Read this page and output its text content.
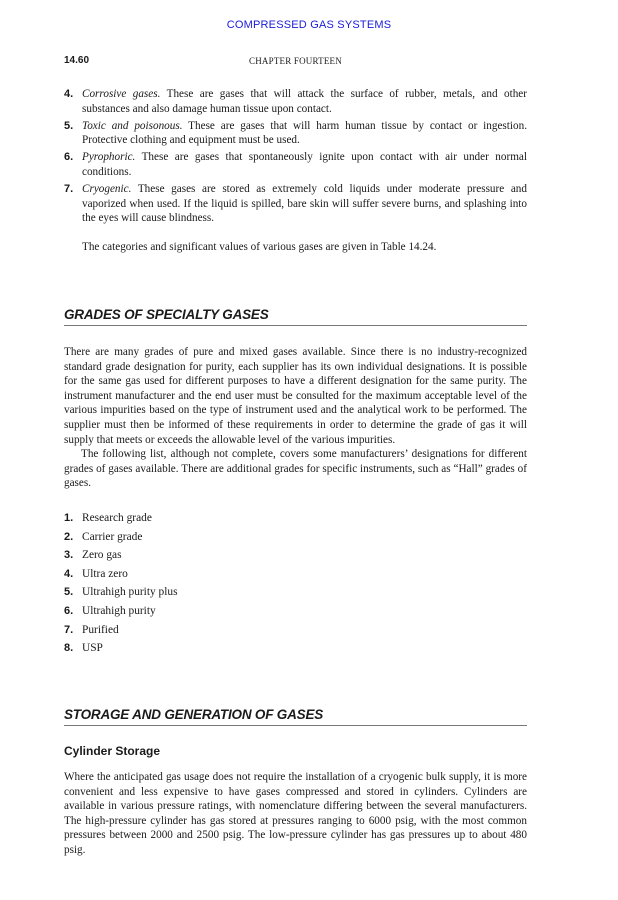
COMPRESSED GAS SYSTEMS
14.60	CHAPTER FOURTEEN
4. Corrosive gases. These are gases that will attack the surface of rubber, metals, and other substances and also damage human tissue upon contact.
5. Toxic and poisonous. These are gases that will harm human tissue by contact or ingestion. Protective clothing and equipment must be used.
6. Pyrophoric. These are gases that spontaneously ignite upon contact with air under normal conditions.
7. Cryogenic. These gases are stored as extremely cold liquids under moderate pressure and vaporized when used. If the liquid is spilled, bare skin will suffer severe burns, and splashing into the eyes will cause blindness.
The categories and significant values of various gases are given in Table 14.24.
GRADES OF SPECIALTY GASES

There are many grades of pure and mixed gases available. Since there is no industry-recognized standard grade designation for purity, each supplier has its own individual designations. It is possible for the same gas used for different purposes to have a different designation for the same purity. The instrument manufacturer and the end user must be consulted for the maximum acceptable level of the various impurities based on the type of instrument used and the analytical work to be performed. The supplier must then be informed of these requirements in order to determine the grade of gas it will supply that meets or exceeds the allowable level of the various impurities.

The following list, although not complete, covers some manufacturers’ designations for different grades of gases available. There are additional grades for specific instruments, such as “Hall” grades of gases.

1. Research grade
2. Carrier grade
3. Zero gas
4. Ultra zero
5. Ultrahigh purity plus
6. Ultrahigh purity
7. Purified
8. USP
STORAGE AND GENERATION OF GASES
Cylinder Storage
Where the anticipated gas usage does not require the installation of a cryogenic bulk supply, it is more convenient and less expensive to have gases compressed and stored in cylinders. Cylinders are available in various pressure ratings, with nomenclature differing between the several manufacturers. The high-pressure cylinder has gas stored at pressures ranging to 6000 psig, with the most common pressures between 2000 and 2500 psig. The low-pressure cylinder has gas pressures up to about 480 psig.
